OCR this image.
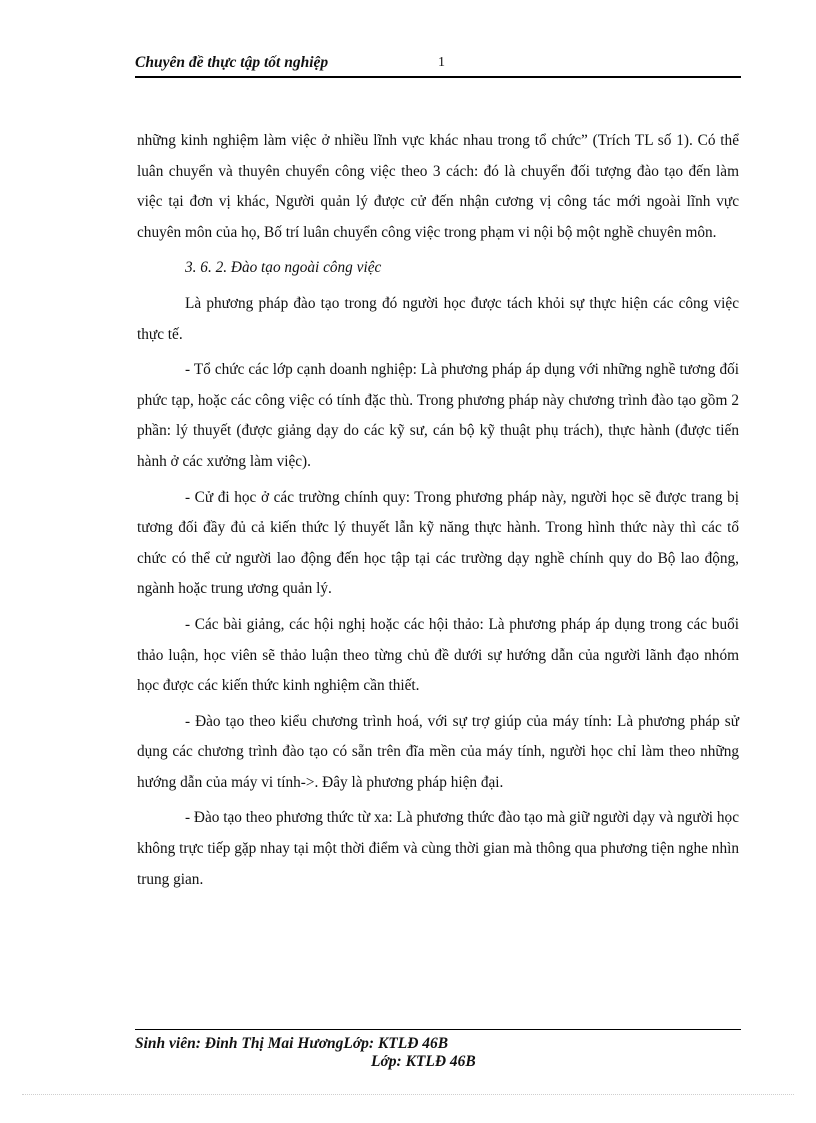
Chuyên đề thực tập tốt nghiệp	1

những kinh nghiệm làm việc ở nhiều lĩnh vực khác nhau trong tổ chức” (Trích TL số 1). Có thể luân chuyển và thuyên chuyển công việc theo 3 cách: đó là chuyển đối tượng đào tạo đến làm việc tại đơn vị khác, Người quản lý được cử đến nhận cương vị công tác mới ngoài lĩnh vực chuyên môn của họ, Bố trí luân chuyển công việc trong phạm vi nội bộ một nghề chuyên môn.

3. 6. 2. Đào tạo ngoài công việc

Là phương pháp đào tạo trong đó người học được tách khỏi sự thực hiện các công việc thực tế.

- Tổ chức các lớp cạnh doanh nghiệp: Là phương pháp áp dụng với những nghề tương đối phức tạp, hoặc các công việc có tính đặc thù. Trong phương pháp này chương trình đào tạo gồm 2 phần: lý thuyết (được giảng dạy do các kỹ sư, cán bộ kỹ thuật phụ trách), thực hành (được tiến hành ở các xưởng làm việc).

- Cử đi học ở các trường chính quy: Trong phương pháp này, người học sẽ được trang bị tương đối đầy đủ cả kiến thức lý thuyết lẫn kỹ năng thực hành. Trong hình thức này thì các tổ chức có thể cử người lao động đến học tập tại các trường dạy nghề chính quy do Bộ lao động, ngành hoặc trung ương quản lý.

- Các bài giảng, các hội nghị hoặc các hội thảo: Là phương pháp áp dụng trong các buổi thảo luận, học viên sẽ thảo luận theo từng chủ đề dưới sự hướng dẫn của người lãnh đạo nhóm học được các kiến thức kinh nghiệm cần thiết.

- Đào tạo theo kiểu chương trình hoá, với sự trợ giúp của máy tính: Là phương pháp sử dụng các chương trình đào tạo có sẵn trên đĩa mền của máy tính, người học chỉ làm theo những hướng dẫn của máy vi tính->. Đây là phương pháp hiện đại.

- Đào tạo theo phương thức từ xa: Là phương thức đào tạo mà giữ người dạy và người học không trực tiếp gặp nhay tại một thời điểm và cùng thời gian mà thông qua phương tiện nghe nhìn trung gian.

Sinh viên: Đinh Thị Mai HươngLớp: KTLĐ 46B
Lớp: KTLĐ 46B
